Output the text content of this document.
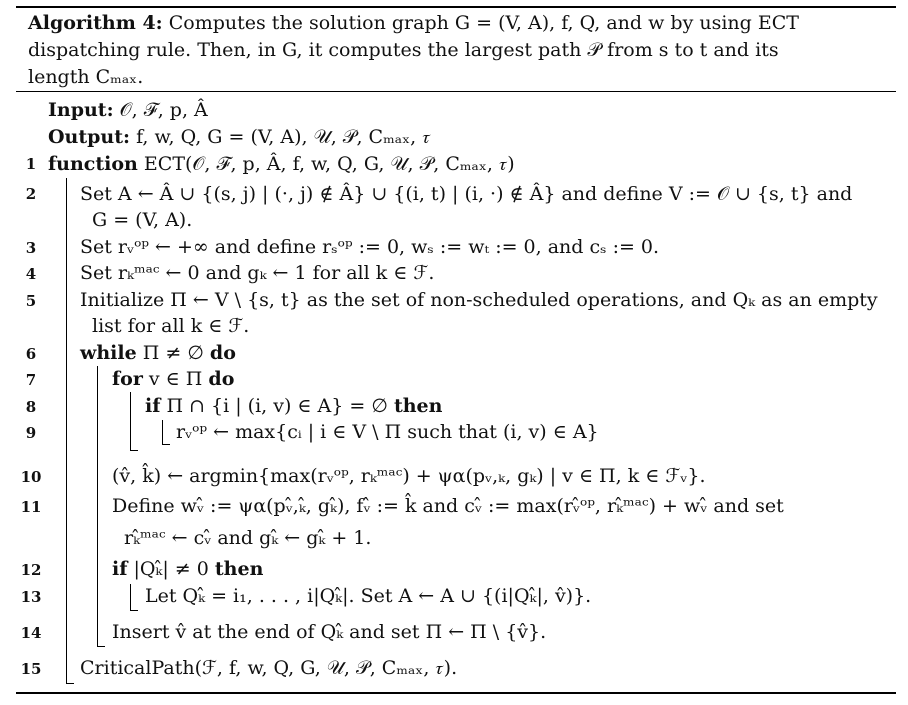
Algorithm 4: Computes the solution graph G = (V, A), f, Q, and w by using ECT
dispatching rule. Then, in G, it computes the largest path 𝒫 from s to t and its
length Cₘₐₓ.
Input: 𝒪, ℱ, p, Â
Output: f, w, Q, G = (V, A), 𝒰, 𝒫, Cₘₐₓ, 𝜏
1
2
3
4
5
6
7
8
9
10
11
12
13
14
15
function ECT(𝒪, ℱ, p, Â, f, w, Q, G, 𝒰, 𝒫, Cₘₐₓ, 𝜏)
Set A ← Â ∪ {(s, j) | (·, j) ∉ Â} ∪ {(i, t) | (i, ·) ∉ Â} and define V := 𝒪 ∪ {s, t} and
G = (V, A).
Set rᵥᵒᵖ ← +∞ and define rₛᵒᵖ := 0, wₛ := wₜ := 0, and cₛ := 0.
Set rₖᵐᵃᶜ ← 0 and gₖ ← 1 for all k ∈ ℱ.
Initialize Π ← V \ {s, t} as the set of non-scheduled operations, and Qₖ as an empty
list for all k ∈ ℱ.
while Π ≠ ∅ do
for v ∈ Π do
if Π ∩ {i | (i, v) ∈ A} = ∅ then
rᵥᵒᵖ ← max{cᵢ | i ∈ V \ Π such that (i, v) ∈ A}
(v̂, k̂) ← argmin{max(rᵥᵒᵖ, rₖᵐᵃᶜ) + ψα(pᵥ,ₖ, gₖ) | v ∈ Π, k ∈ ℱᵥ}.
Define wᵥ̂ := ψα(pᵥ̂,ₖ̂, gₖ̂), fᵥ̂ := k̂ and cᵥ̂ := max(rᵥ̂ᵒᵖ, rₖ̂ᵐᵃᶜ) + wᵥ̂ and set
rₖ̂ᵐᵃᶜ ← cᵥ̂ and gₖ̂ ← gₖ̂ + 1.
if |Qₖ̂| ≠ 0 then
Let Qₖ̂ = i₁, . . . , i|Qₖ̂|. Set A ← A ∪ {(i|Qₖ̂|, v̂)}.
Insert v̂ at the end of Qₖ̂ and set Π ← Π \ {v̂}.
CriticalPath(ℱ, f, w, Q, G, 𝒰, 𝒫, Cₘₐₓ, 𝜏).
